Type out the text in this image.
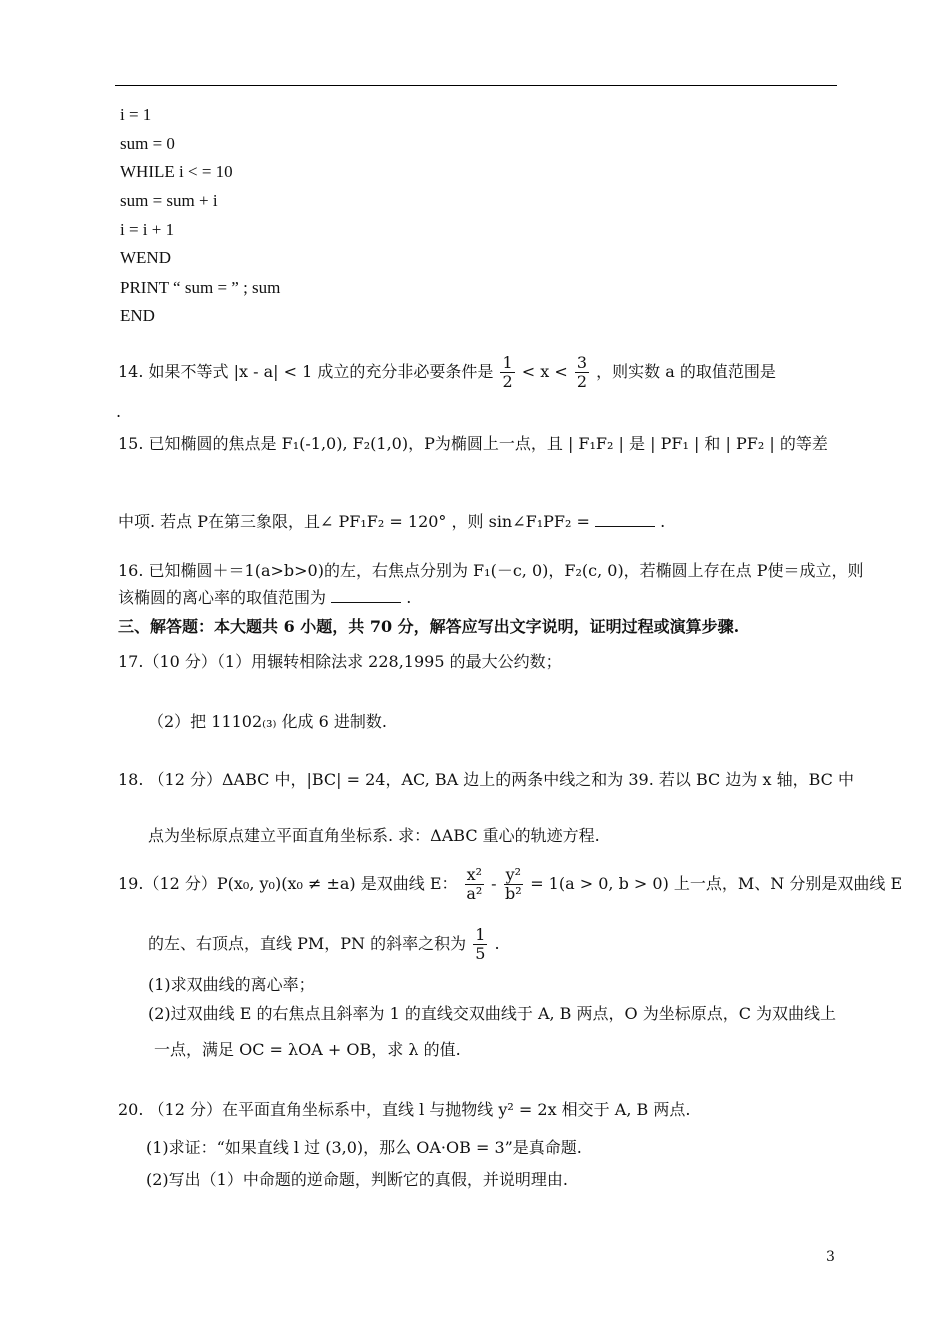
i = 1
sum = 0
WHILE i < = 10
sum = sum + i
i = i + 1
WEND
PRINT “ sum = ” ; sum
END
14. 如果不等式 |x - a| < 1 成立的充分非必要条件是 $\frac{1}{2} < x < \frac{3}{2}$ ，则实数 a 的取值范围是
.
15. 已知椭圆的焦点是 F₁(-1,0), F₂(1,0)，P为椭圆上一点，且 | F₁F₂ | 是 | PF₁ | 和 | PF₂ | 的等差
中项. 若点 P在第三象限，且∠ PF₁F₂ = 120° ，则 sin∠F₁PF₂ =	.
16. 已知椭圆＋＝1(a>b>0)的左，右焦点分别为 F₁(－c, 0)，F₂(c, 0)，若椭圆上存在点 P使＝成立，则
该椭圆的离心率的取值范围为	.
三、解答题：本大题共 6 小题，共 70 分，解答应写出文字说明，证明过程或演算步骤.
17.（10 分）（1）用辗转相除法求 228,1995 的最大公约数；
（2）把 11102₍₃₎ 化成 6 进制数.
18. （12 分）ΔABC 中，|BC| = 24，AC, BA 边上的两条中线之和为 39. 若以 BC 边为 x 轴，BC 中
点为坐标原点建立平面直角坐标系. 求：ΔABC 重心的轨迹方程.
19.（12 分）P(x₀, y₀)(x₀ ≠ ±a) 是双曲线 E： $\frac{\text{x²}}{\text{a²}} - \frac{\text{y²}}{\text{b²}} = 1(a > 0$, b > 0) 上一点，M、N 分别是双曲线 E
的左、右顶点，直线 PM，PN 的斜率之积为 $\frac{1}{5}$ .
(1)求双曲线的离心率；
(2)过双曲线 E 的右焦点且斜率为 1 的直线交双曲线于 A, B 两点，O 为坐标原点，C 为双曲线上
一点，满足 OC = λOA + OB，求 λ 的值.
20. （12 分）在平面直角坐标系中，直线 l 与抛物线 y² = 2x 相交于 A, B 两点.
(1)求证：“如果直线 l 过 (3,0)，那么 OA·OB = 3”是真命题.
(2)写出（1）中命题的逆命题，判断它的真假，并说明理由.
3
